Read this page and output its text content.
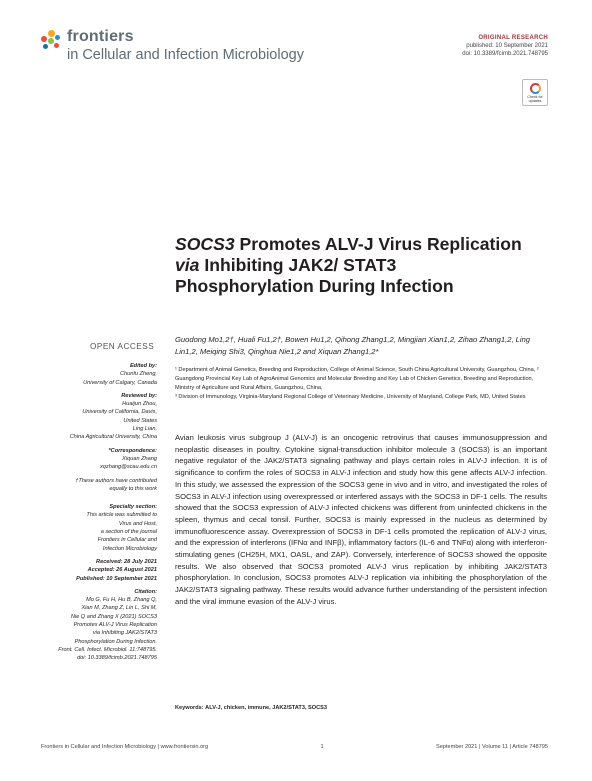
frontiers
in Cellular and Infection Microbiology
ORIGINAL RESEARCH
published: 10 September 2021
doi: 10.3389/fcimb.2021.748795
Check for updates
SOCS3 Promotes ALV-J Virus Replication via Inhibiting JAK2/ STAT3 Phosphorylation During Infection
Guodong Mo1,2†, Huali Fu1,2†, Bowen Hu1,2, Qihong Zhang1,2, Mingjian Xian1,2, Zihao Zhang1,2, Ling Lin1,2, Meiqing Shi3, Qinghua Nie1,2 and Xiquan Zhang1,2*
¹ Department of Animal Genetics, Breeding and Reproduction, College of Animal Science, South China Agricultural University, Guangzhou, China, ² Guangdong Provincial Key Lab of AgroAnimal Genomics and Molecular Breeding and Key Lab of Chicken Genetics, Breeding and Reproduction, Ministry of Agriculture and Rural Affairs, Guangzhou, China,
³ Division of Immunology, Virginia-Maryland Regional College of Veterinary Medicine, University of Maryland, College Park, MD, United States
OPEN ACCESS
Edited by:
Chunfu Zheng,
University of Calgary, Canada
Reviewed by:
Huaijun Zhou,
University of California, Davis,
United States
Ling Lian,
China Agricultural University, China
*Correspondence:
Xiquan Zhang
xqzhang@scau.edu.cn
†These authors have contributed equally to this work
Specialty section:
This article was submitted to
Virus and Host,
a section of the journal
Frontiers in Cellular and
Infection Microbiology
Received: 28 July 2021
Accepted: 26 August 2021
Published: 10 September 2021
Citation:
Mo G, Fu H, Hu B, Zhang Q,
Xian M, Zhang Z, Lin L, Shi M,
Nie Q and Zhang X (2021) SOCS3
Promotes ALV-J Virus Replication
via Inhibiting JAK2/STAT3
Phosphorylation During Infection.
Front. Cell. Infect. Microbiol. 11:748795.
doi: 10.3389/fcimb.2021.748795
Avian leukosis virus subgroup J (ALV-J) is an oncogenic retrovirus that causes immunosuppression and neoplastic diseases in poultry. Cytokine signal-transduction inhibitor molecule 3 (SOCS3) is an important negative regulator of the JAK2/STAT3 signaling pathway and plays certain roles in ALV-J infection. It is of significance to confirm the roles of SOCS3 in ALV-J infection and study how this gene affects ALV-J infection. In this study, we assessed the expression of the SOCS3 gene in vivo and in vitro, and investigated the roles of SOCS3 in ALV-J infection using overexpressed or interfered assays with the SOCS3 in DF-1 cells. The results showed that the SOCS3 expression of ALV-J infected chickens was different from uninfected chickens in the spleen, thymus and cecal tonsil. Further, SOCS3 is mainly expressed in the nucleus as determined by immunofluorescence assay. Overexpression of SOCS3 in DF-1 cells promoted the replication of ALV-J virus, and the expression of interferons (IFNα and INFβ), inflammatory factors (IL-6 and TNFα) along with interferon-stimulating genes (CH25H, MX1, OASL, and ZAP). Conversely, interference of SOCS3 showed the opposite results. We also observed that SOCS3 promoted ALV-J virus replication by inhibiting JAK2/STAT3 phosphorylation. In conclusion, SOCS3 promotes ALV-J replication via inhibiting the phosphorylation of the JAK2/STAT3 signaling pathway. These results would advance further understanding of the persistent infection and the viral immune evasion of the ALV-J virus.
Keywords: ALV-J, chicken, immune, JAK2/STAT3, SOCS3
Frontiers in Cellular and Infection Microbiology | www.frontiersin.org	1	September 2021 | Volume 11 | Article 748795
